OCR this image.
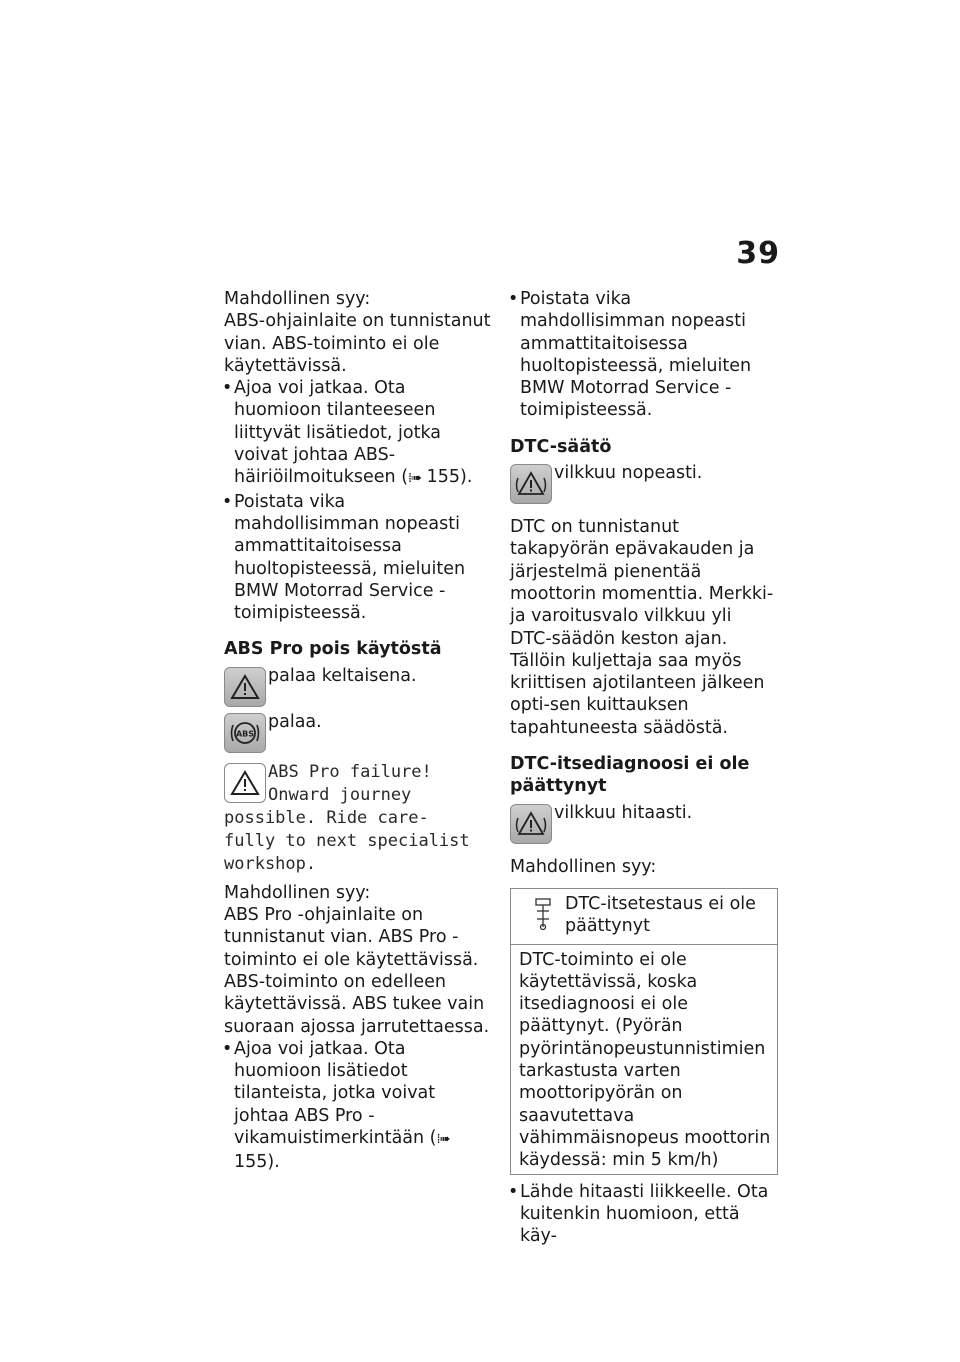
39

Mahdollinen syy:

ABS-ohjainlaite on tunnistanut vian. ABS-toiminto ei ole käytettävissä.

• Ajoa voi jatkaa. Ota huomioon tilanteeseen liittyvät lisätiedot, jotka voivat johtaa ABS-häiriöilmoitukseen (⁞➠ 155).

• Poistata vika mahdollisimman nopeasti ammattitaitoisessa huoltopisteessä, mieluiten BMW Motorrad Service -toimipisteessä.

ABS Pro pois käytöstä

palaa keltaisena.
ABS
palaa.
ABS Pro failure!
Onward journey
possible. Ride care-
fully to next specialist
workshop.

Mahdollinen syy:

ABS Pro -ohjainlaite on tunnistanut vian. ABS Pro -toiminto ei ole käytettävissä. ABS-toiminto on edelleen käytettävissä. ABS tukee vain suoraan ajossa jarrutettaessa.

• Ajoa voi jatkaa. Ota huomioon lisätiedot tilanteista, jotka voivat johtaa ABS Pro -vikamuistimerkintään (⁞➠ 155).

• Poistata vika mahdollisimman nopeasti ammattitaitoisessa huoltopisteessä, mieluiten BMW Motorrad Service -toimipisteessä.

DTC-säätö

vilkkuu nopeasti.

DTC on tunnistanut takapyörän epävakauden ja järjestelmä pienentää moottorin momenttia. Merkki- ja varoitusvalo vilkkuu yli DTC-säädön keston ajan. Tällöin kuljettaja saa myös kriittisen ajotilanteen jälkeen opti-sen kuittauksen tapahtuneesta säädöstä.

DTC-itsediagnoosi ei ole päättynyt

vilkkuu hitaasti.

Mahdollinen syy:

DTC-itsetestaus ei ole päättynyt
DTC-toiminto ei ole käytettävissä, koska itsediagnoosi ei ole päättynyt. (Pyörän pyörintänopeustunnistimien tarkastusta varten moottoripyörän on saavutettava vähimmäisnopeus moottorin käydessä: min 5 km/h)

• Lähde hitaasti liikkeelle. Ota kuitenkin huomioon, että käy-
